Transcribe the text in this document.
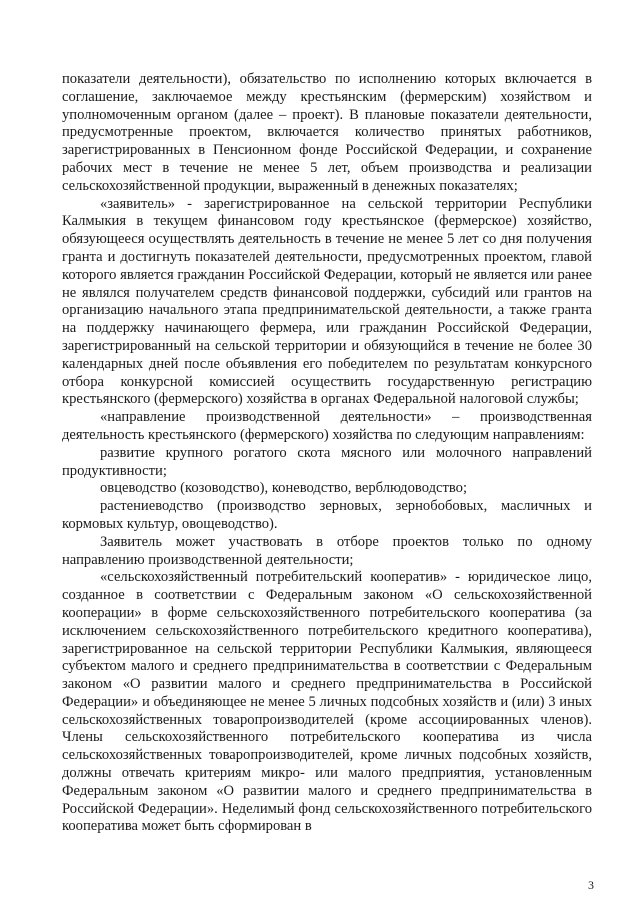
показатели деятельности), обязательство по исполнению которых включается в соглашение, заключаемое между крестьянским (фермерским) хозяйством и уполномоченным органом (далее – проект). В плановые показатели деятельности, предусмотренные проектом, включается количество принятых работников, зарегистрированных в Пенсионном фонде Российской Федерации, и сохранение рабочих мест в течение не менее 5 лет, объем производства и реализации сельскохозяйственной продукции, выраженный в денежных показателях;

«заявитель» - зарегистрированное на сельской территории Республики Калмыкия в текущем финансовом году крестьянское (фермерское) хозяйство, обязующееся осуществлять деятельность в течение не менее 5 лет со дня получения гранта и достигнуть показателей деятельности, предусмотренных проектом, главой которого является гражданин Российской Федерации, который не является или ранее не являлся получателем средств финансовой поддержки, субсидий или грантов на организацию начального этапа предпринимательской деятельности, а также гранта на поддержку начинающего фермера, или гражданин Российской Федерации, зарегистрированный на сельской территории и обязующийся в течение не более 30 календарных дней после объявления его победителем по результатам конкурсного отбора конкурсной комиссией осуществить государственную регистрацию крестьянского (фермерского) хозяйства в органах Федеральной налоговой службы;

«направление производственной деятельности» – производственная деятельность крестьянского (фермерского) хозяйства по следующим направлениям:

развитие крупного рогатого скота мясного или молочного направлений продуктивности;

овцеводство (козоводство), коневодство, верблюдоводство;

растениеводство (производство зерновых, зернобобовых, масличных и кормовых культур, овощеводство).

Заявитель может участвовать в отборе проектов только по одному направлению производственной деятельности;

«сельскохозяйственный потребительский кооператив» - юридическое лицо, созданное в соответствии с Федеральным законом «О сельскохозяйственной кооперации» в форме сельскохозяйственного потребительского кооператива (за исключением сельскохозяйственного потребительского кредитного кооператива), зарегистрированное на сельской территории Республики Калмыкия, являющееся субъектом малого и среднего предпринимательства в соответствии с Федеральным законом «О развитии малого и среднего предпринимательства в Российской Федерации» и объединяющее не менее 5 личных подсобных хозяйств и (или) 3 иных сельскохозяйственных товаропроизводителей (кроме ассоциированных членов). Члены сельскохозяйственного потребительского кооператива из числа сельскохозяйственных товаропроизводителей, кроме личных подсобных хозяйств, должны отвечать критериям микро- или малого предприятия, установленным Федеральным законом «О развитии малого и среднего предпринимательства в Российской Федерации». Неделимый фонд сельскохозяйственного потребительского кооператива может быть сформирован в

3
